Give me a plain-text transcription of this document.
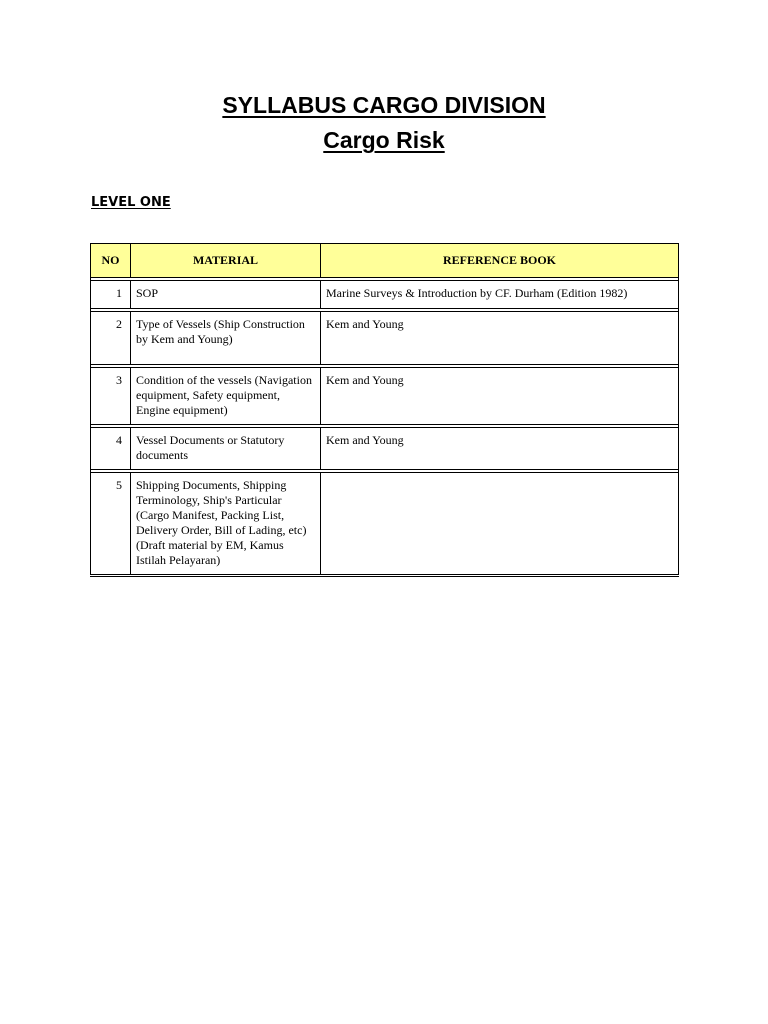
SYLLABUS CARGO DIVISION
Cargo Risk
LEVEL ONE
NO	MATERIAL	REFERENCE BOOK

1	SOP	Marine Surveys & Introduction by CF. Durham (Edition 1982)

2	Type of Vessels (Ship Construction by Kem and Young)	Kem and Young

3	Condition of the vessels (Navigation equipment, Safety equipment, Engine equipment)	Kem and Young

4	Vessel Documents or Statutory documents	Kem and Young

5	Shipping Documents, Shipping Terminology, Ship's Particular (Cargo Manifest, Packing List, Delivery Order, Bill of Lading, etc) (Draft material by EM, Kamus Istilah Pelayaran)	
